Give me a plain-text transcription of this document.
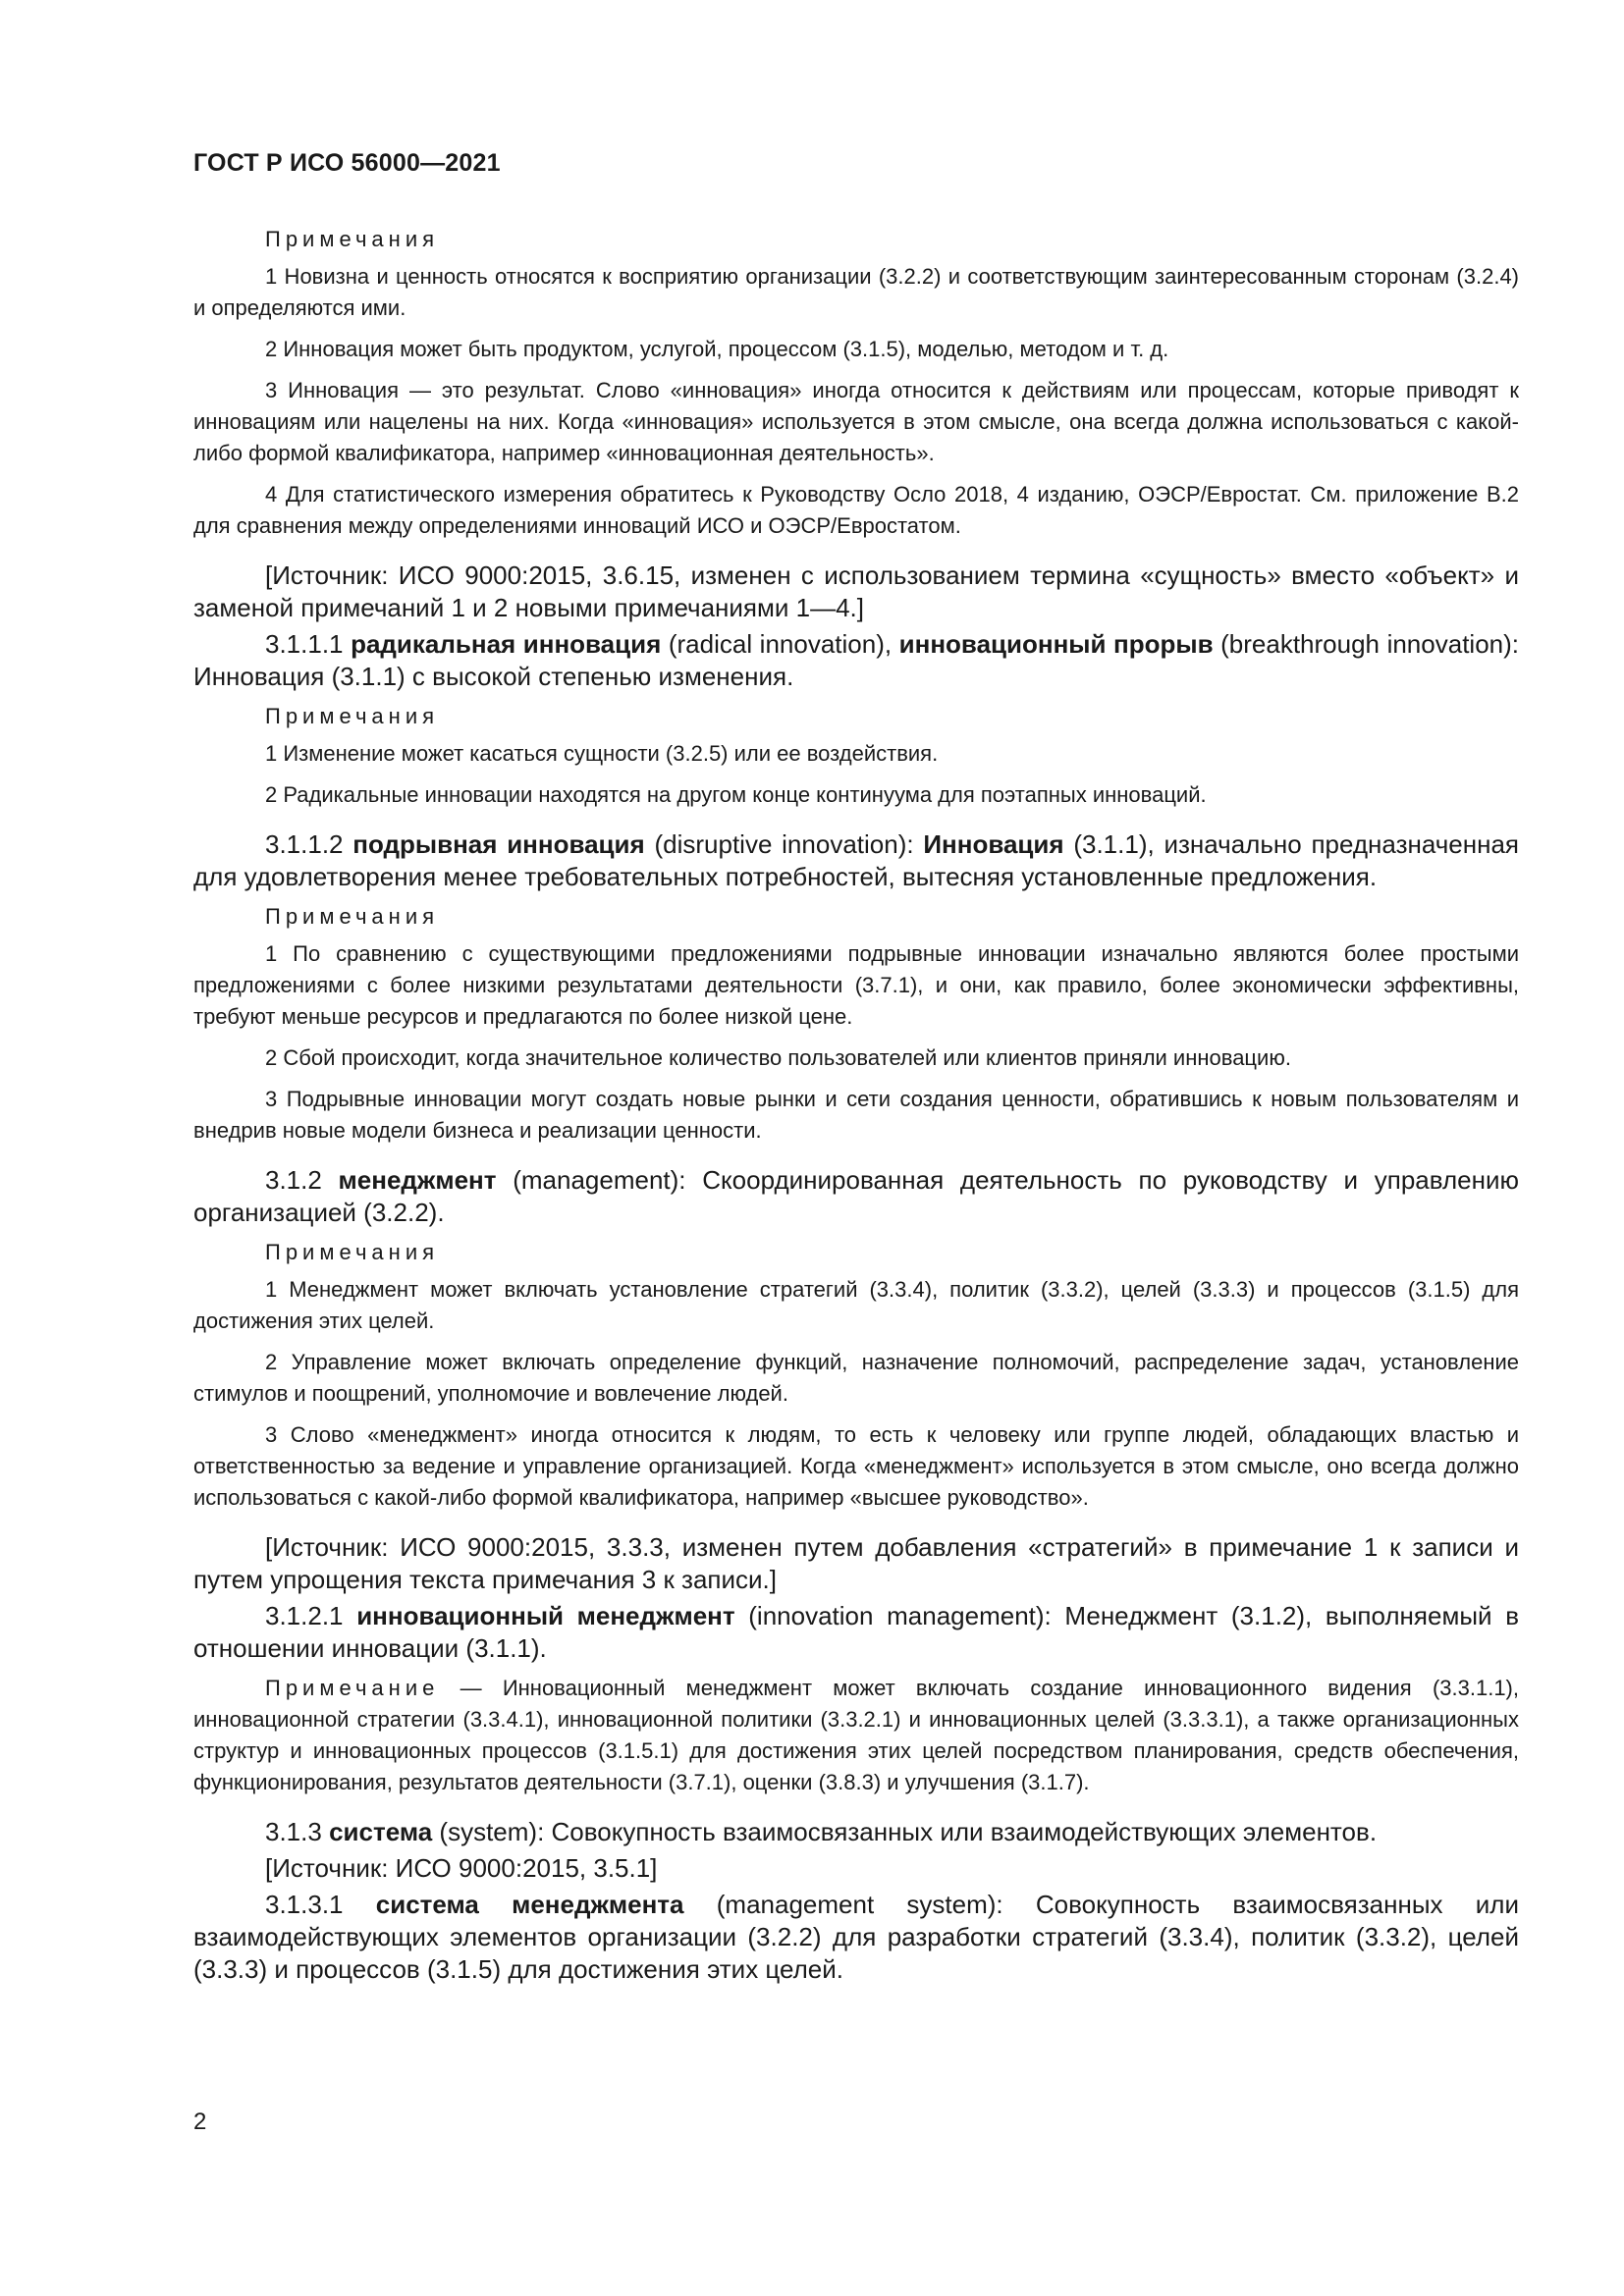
ГОСТ Р ИСО 56000—2021

Примечания

1 Новизна и ценность относятся к восприятию организации (3.2.2) и соответствующим заинтересованным сторонам (3.2.4) и определяются ими.

2 Инновация может быть продуктом, услугой, процессом (3.1.5), моделью, методом и т. д.

3 Инновация — это результат. Слово «инновация» иногда относится к действиям или процессам, которые приводят к инновациям или нацелены на них. Когда «инновация» используется в этом смысле, она всегда должна использоваться с какой-либо формой квалификатора, например «инновационная деятельность».

4 Для статистического измерения обратитесь к Руководству Осло 2018, 4 изданию, ОЭСР/Евростат. См. приложение В.2 для сравнения между определениями инноваций ИСО и ОЭСР/Евростатом.

[Источник: ИСО 9000:2015, 3.6.15, изменен с использованием термина «сущность» вместо «объект» и заменой примечаний 1 и 2 новыми примечаниями 1—4.]

3.1.1.1 радикальная инновация (radical innovation), инновационный прорыв (breakthrough innovation): Инновация (3.1.1) с высокой степенью изменения.

Примечания

1 Изменение может касаться сущности (3.2.5) или ее воздействия.

2 Радикальные инновации находятся на другом конце континуума для поэтапных инноваций.

3.1.1.2 подрывная инновация (disruptive innovation): Инновация (3.1.1), изначально предназначенная для удовлетворения менее требовательных потребностей, вытесняя установленные предложения.

Примечания

1 По сравнению с существующими предложениями подрывные инновации изначально являются более простыми предложениями с более низкими результатами деятельности (3.7.1), и они, как правило, более экономически эффективны, требуют меньше ресурсов и предлагаются по более низкой цене.

2 Сбой происходит, когда значительное количество пользователей или клиентов приняли инновацию.

3 Подрывные инновации могут создать новые рынки и сети создания ценности, обратившись к новым пользователям и внедрив новые модели бизнеса и реализации ценности.

3.1.2 менеджмент (management): Скоординированная деятельность по руководству и управлению организацией (3.2.2).

Примечания

1 Менеджмент может включать установление стратегий (3.3.4), политик (3.3.2), целей (3.3.3) и процессов (3.1.5) для достижения этих целей.

2 Управление может включать определение функций, назначение полномочий, распределение задач, установление стимулов и поощрений, уполномочие и вовлечение людей.

3 Слово «менеджмент» иногда относится к людям, то есть к человеку или группе людей, обладающих властью и ответственностью за ведение и управление организацией. Когда «менеджмент» используется в этом смысле, оно всегда должно использоваться с какой-либо формой квалификатора, например «высшее руководство».

[Источник: ИСО 9000:2015, 3.3.3, изменен путем добавления «стратегий» в примечание 1 к записи и путем упрощения текста примечания 3 к записи.]

3.1.2.1 инновационный менеджмент (innovation management): Менеджмент (3.1.2), выполняемый в отношении инновации (3.1.1).

Примечание — Инновационный менеджмент может включать создание инновационного видения (3.3.1.1), инновационной стратегии (3.3.4.1), инновационной политики (3.3.2.1) и инновационных целей (3.3.3.1), а также организационных структур и инновационных процессов (3.1.5.1) для достижения этих целей посредством планирования, средств обеспечения, функционирования, результатов деятельности (3.7.1), оценки (3.8.3) и улучшения (3.1.7).

3.1.3 система (system): Совокупность взаимосвязанных или взаимодействующих элементов.

[Источник: ИСО 9000:2015, 3.5.1]

3.1.3.1 система менеджмента (management system): Совокупность взаимосвязанных или взаимодействующих элементов организации (3.2.2) для разработки стратегий (3.3.4), политик (3.3.2), целей (3.3.3) и процессов (3.1.5) для достижения этих целей.

2
